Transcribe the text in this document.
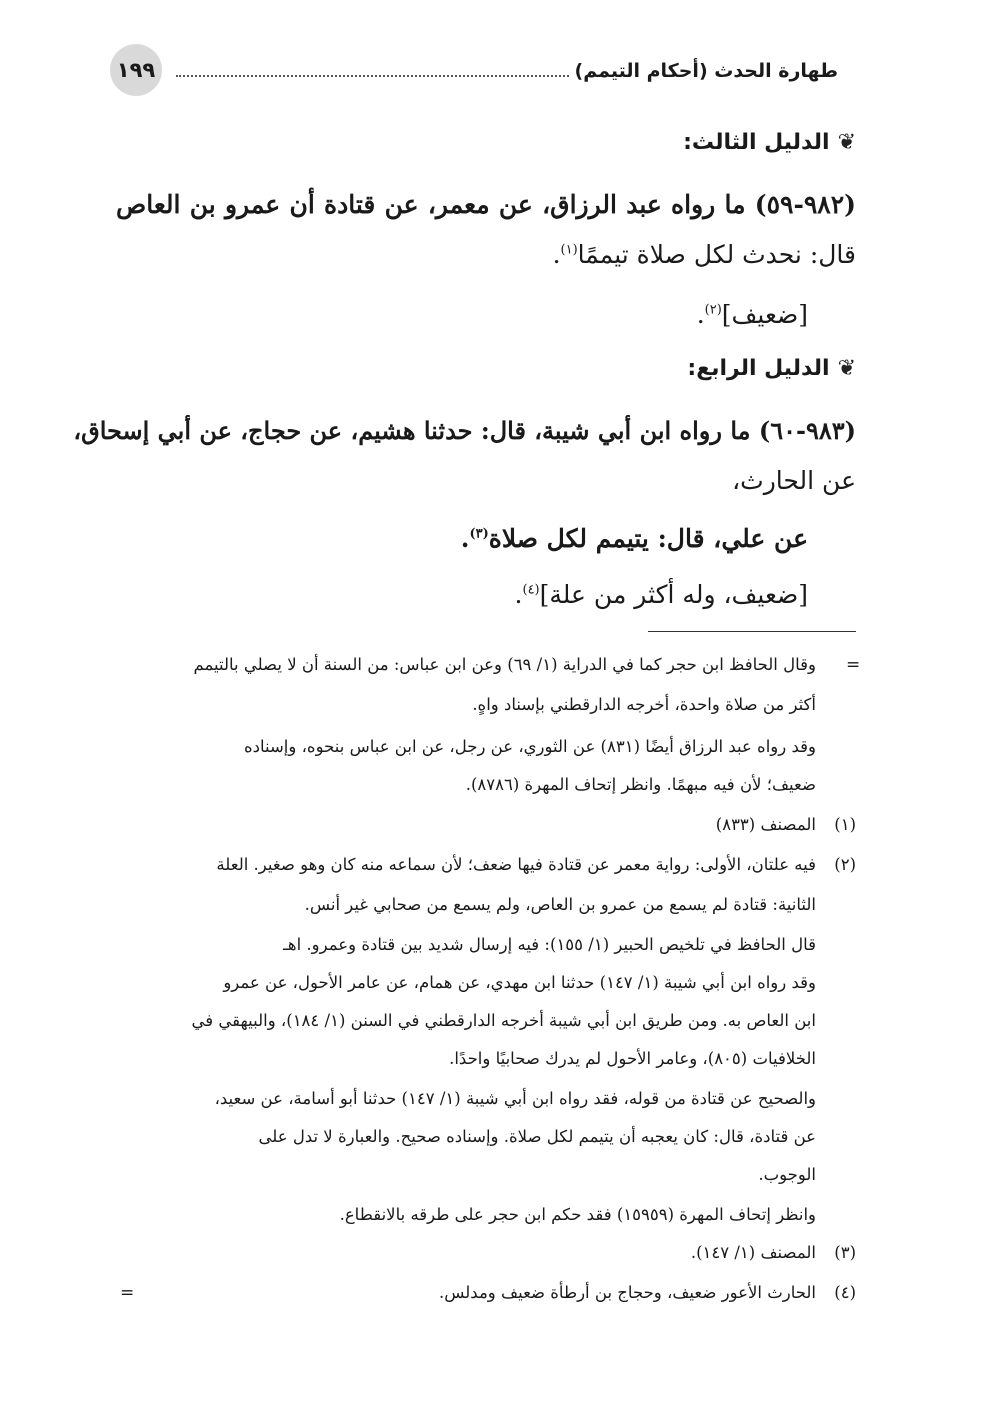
١٩٩	طهارة الحدث (أحكام التيمم)
❦الدليل الثالث:
(٩٨٢-٥٩) ما رواه عبد الرزاق، عن معمر، عن قتادة أن عمرو بن العاص
قال: نحدث لكل صلاة تيممًا$^{(١)}$.
[ضعيف]$^{(٢)}$.
❦الدليل الرابع:
(٩٨٣-٦٠) ما رواه ابن أبي شيبة، قال: حدثنا هشيم، عن حجاج، عن أبي إسحاق،
عن الحارث،
عن علي، قال: يتيمم لكل صلاة$^{(٣)}$.
[ضعيف، وله أكثر من علة]$^{(٤)}$.
=
وقال الحافظ ابن حجر كما في الدراية (١/ ٦٩) وعن ابن عباس: من السنة أن لا يصلي بالتيمم
أكثر من صلاة واحدة، أخرجه الدارقطني بإسناد واهٍ.
وقد رواه عبد الرزاق أيضًا (٨٣١) عن الثوري، عن رجل، عن ابن عباس بنحوه، وإسناده
ضعيف؛ لأن فيه مبهمًا. وانظر إتحاف المهرة (٨٧٨٦).
(١)
المصنف (٨٣٣)
(٢)
فيه علتان، الأولى: رواية معمر عن قتادة فيها ضعف؛ لأن سماعه منه كان وهو صغير. العلة
الثانية: قتادة لم يسمع من عمرو بن العاص، ولم يسمع من صحابي غير أنس.
قال الحافظ في تلخيص الحبير (١/ ١٥٥): فيه إرسال شديد بين قتادة وعمرو. اهـ
وقد رواه ابن أبي شيبة (١/ ١٤٧) حدثنا ابن مهدي، عن همام، عن عامر الأحول، عن عمرو
ابن العاص به. ومن طريق ابن أبي شيبة أخرجه الدارقطني في السنن (١/ ١٨٤)، والبيهقي في
الخلافيات (٨٠٥)، وعامر الأحول لم يدرك صحابيًا واحدًا.
والصحيح عن قتادة من قوله، فقد رواه ابن أبي شيبة (١/ ١٤٧) حدثنا أبو أسامة، عن سعيد،
عن قتادة، قال: كان يعجبه أن يتيمم لكل صلاة. وإسناده صحيح. والعبارة لا تدل على
الوجوب.
وانظر إتحاف المهرة (١٥٩٥٩) فقد حكم ابن حجر على طرقه بالانقطاع.
(٣)
المصنف (١/ ١٤٧).
(٤)
الحارث الأعور ضعيف، وحجاج بن أرطأة ضعيف ومدلس.
=
